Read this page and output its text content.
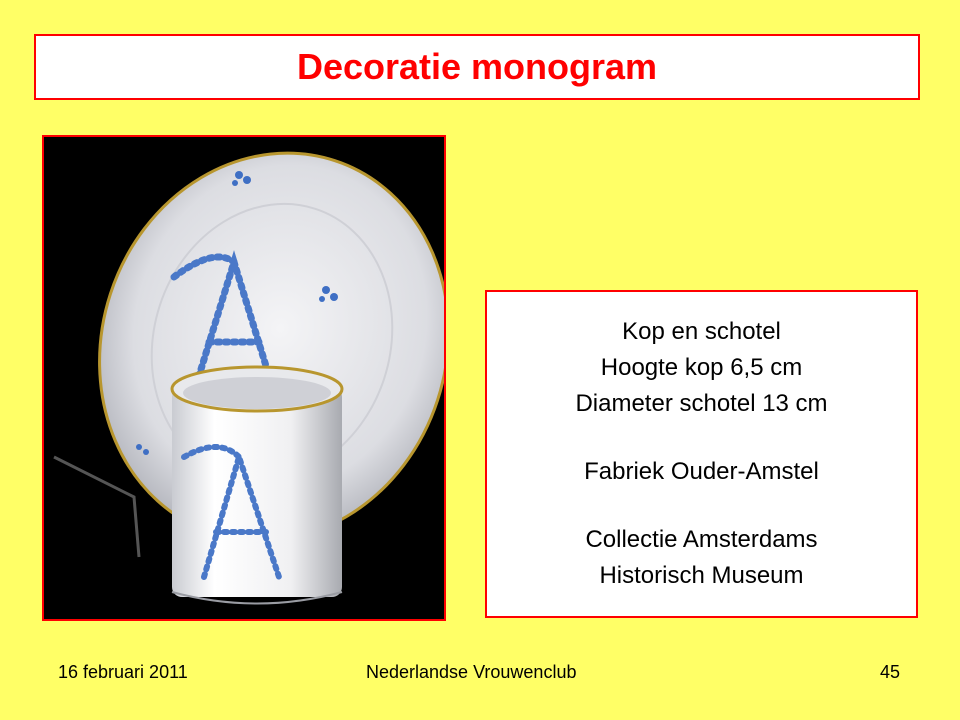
Decoratie monogram
Kop en schotel
Hoogte kop 6,5 cm
Diameter schotel 13 cm
Fabriek Ouder-Amstel
Collectie Amsterdams
Historisch Museum
16 februari 2011	Nederlandse Vrouwenclub	45
